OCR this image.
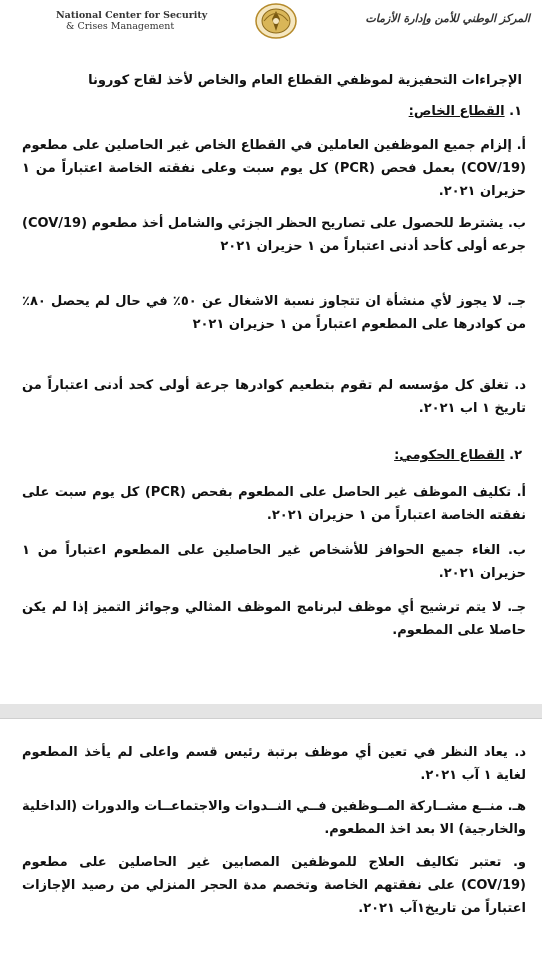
National Center for Security
& Crises Management
المركز الوطني للأمن وإدارة الأزمات
الإجراءات التحفيزية لموظفي القطاع العام والخاص لأخذ لقاح كورونا
١. القطاع الخاص:
أ. إلزام جميع الموظفين العاملين في القطاع الخاص غير الحاصلين على مطعوم (COV/19) بعمل فحص (PCR) كل يوم سبت وعلى نفقته الخاصة اعتباراً من ١ حزيران ٢٠٢١.
ب. يشترط للحصول على تصاريح الحظر الجزئي والشامل أخذ مطعوم (COV/19) جرعه أولى كأحد أدنى اعتباراً من ١ حزيران ٢٠٢١
جـ. لا يجوز لأي منشأة ان تتجاوز نسبة الاشغال عن ٥٠٪ في حال لم يحصل ٨٠٪ من كوادرها على المطعوم اعتباراً من ١ حزيران ٢٠٢١
د. تغلق كل مؤسسه لم تقوم بتطعيم كوادرها جرعة أولى كحد أدنى اعتباراً من تاريخ ١ اب ٢٠٢١.
٢. القطاع الحكومي:
أ. تكليف الموظف غير الحاصل على المطعوم بفحص (PCR) كل يوم سبت على نفقته الخاصة اعتباراً من ١ حزيران ٢٠٢١.
ب. الغاء جميع الحوافز للأشخاص غير الحاصلين على المطعوم اعتباراً من ١ حزيران ٢٠٢١.
جـ. لا يتم ترشيح أي موظف لبرنامج الموظف المثالي وجوائز التميز إذا لم يكن حاصلا على المطعوم.
د. يعاد النظر في تعين أي موظف برتبة رئيس قسم واعلى لم يأخذ المطعوم لغاية ١ آب ٢٠٢١.
هـ. منــع مشــاركة المــوظفين فــي النــدوات والاجتماعــات والدورات (الداخلية والخارجية) الا بعد اخذ المطعوم.
و. تعتبر تكاليف العلاج للموظفين المصابين غير الحاصلين على مطعوم (COV/19) على نفقتهم الخاصة وتخصم مدة الحجر المنزلي من رصيد الإجازات اعتباراً من تاريخ١آب ٢٠٢١.
